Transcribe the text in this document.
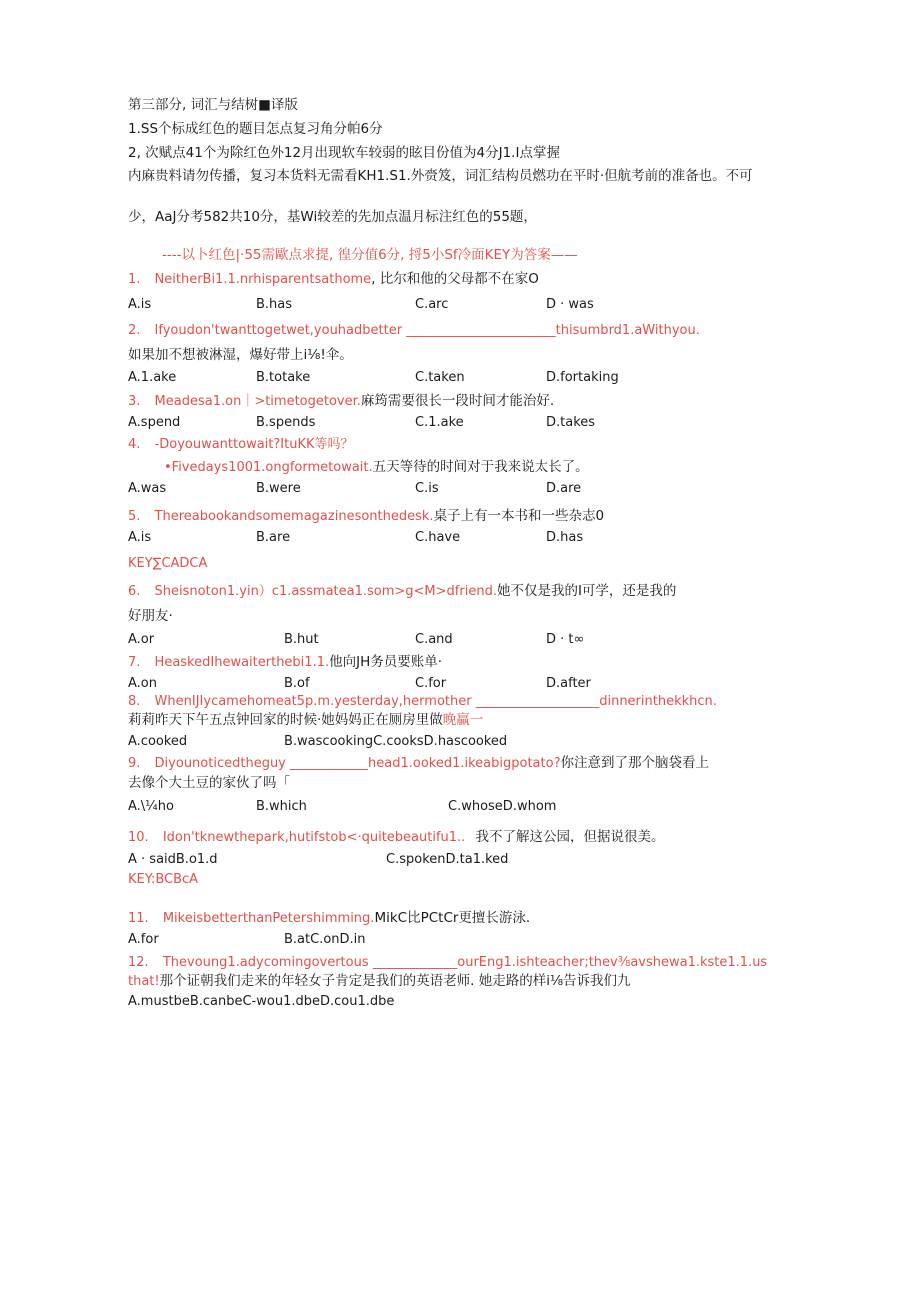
第三部分, 词汇与结树■译版
1.SS个标成红色的题目怎点复习角分帕6分
2, 次赋点41个为除红色外12月出现软车较弱的眩目份值为4分J1.I点掌握
内麻贵料请勿传播，复习本货料无需看KH1.S1.外赍笈，词汇结构员燃功在平时·但航考前的准备也。不可
少，AaJ分考582共10分，基Wi较差的先加点温月标注红色的55题，
----以卜红色|·55需歐点求提, 徨分值6分, 捋5小Sf冷面KEY为答案——
1. NeitherBi1.1.nrhisparentsathome, 比尔和他的父母都不在家O
A.is	B.has	C.arc	D · was
2. Ifyoudon'twanttogetwet,youhadbetter _______________________thisumbrd1.aWithyou.
如果加不想被淋湿，爆好带上i⅛!伞。
A.1.ake	B.totake	C.taken	D.fortaking
3. Meadesa1.on｜>timetogetover.麻筠需要很长一段时间才能治好.
A.spend	B.spends	C.1.ake	D.takes
4. -Doyouwanttowait?ItuKK等吗？
•Fivedays1001.ongformetowait.五天等待的时间对于我来说太长了。
A.was	B.were	C.is	D.are
5. Thereabookandsomemagazinesonthedesk.桌子上有一本书和一些杂志0
A.is	B.are	C.have	D.has
KEY∑CADCA
6. Sheisnoton1.yin）c1.assmatea1.som>g<M>dfriend.她不仅是我的I可学，还是我的
好朋友·
A.or	B.hut	C.and	D · t∞
7. HeaskedIhewaiterthebi1.1.他向JH务员要账单·
A.on	B.of	C.for	D.after
8. WhenIJIycamehomeat5p.m.yesterday,hermother ___________________dinnerinthekkhcn.
莉莉昨天下午五点钟回家的时候·她妈妈正在厕房里做晚贏一
A.cooked	B.wascookingC.cooksD.hascooked
9. Diyounoticedtheguy ____________head1.ooked1.ikeabigpotato?你注意到了那个脑袋看上
去像个大土豆的家伙了吗「
A.\¼ho	B.which	C.whoseD.whom
10. Idon'tknewthepark,hutifstob<·quitebeautifu1.. 我不了解这公园，但据说很美。
A · saidB.o1.d	C.spokenD.ta1.ked
KEY:BCBcA
11. MikeisbetterthanPetershimming.MikC比PCtCr更擅长游泳.
A.for	B.atC.onD.in
12. Thevoung1.adycomingovertous _____________ourEng1.ishteacher;thev⅜avshewa1.kste1.1.us
that!那个证朝我们走来的年轻女子肯定是我们的英语老师. 她走路的样i⅛告诉我们九
A.mustbeB.canbeC-wou1.dbeD.cou1.dbe
